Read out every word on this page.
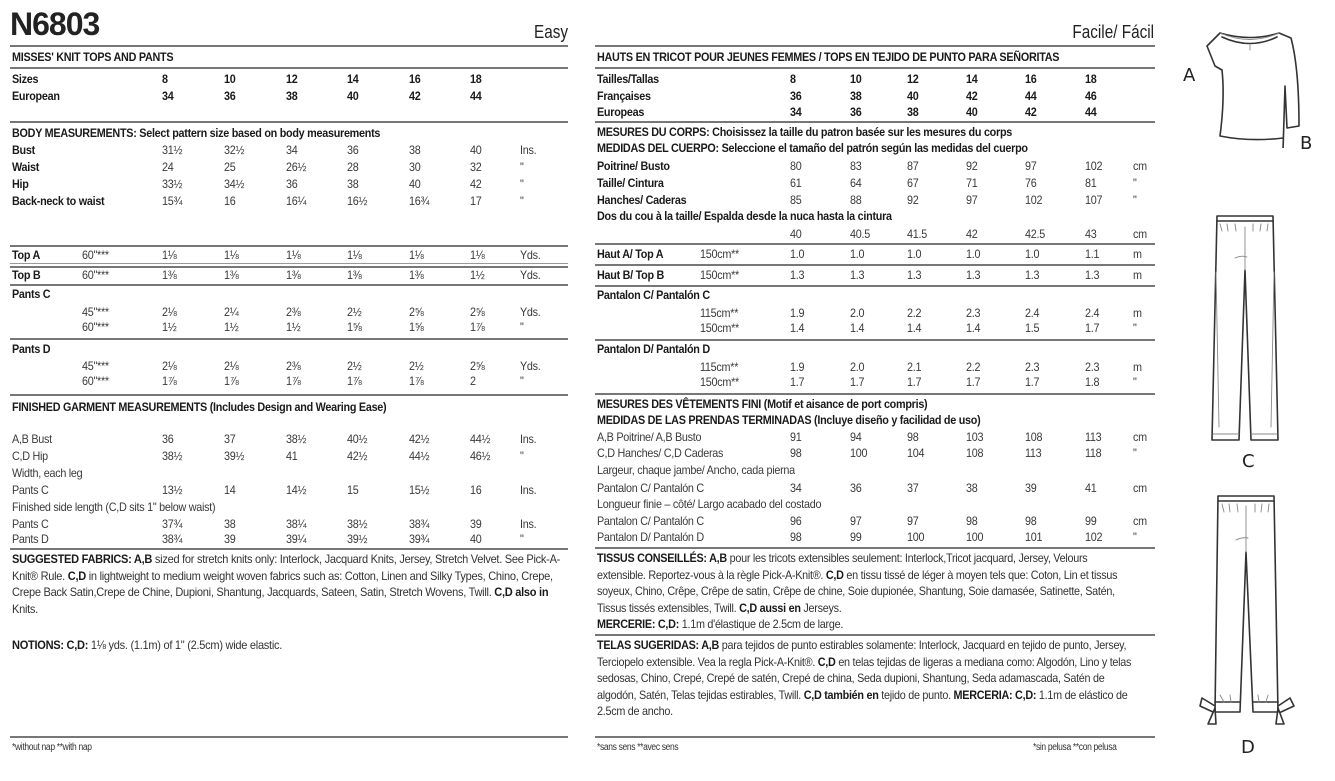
N6803	Easy	Facile/ Fácil
MISSES' KNIT TOPS AND PANTS
Sizes	8	10	12	14	16	18
European	34	36	38	40	42	44
BODY MEASUREMENTS: Select pattern size based on body measurements
FINISHED GARMENT MEASUREMENTS (Includes Design and Wearing Ease)
Bust	31½	32½	34	36	38	40	Ins.
Waist	24	25	26½	28	30	32	"
Hip	33½	34½	36	38	40	42	"
Back-neck to waist	15¾	16	16¼	16½	16¾	17	"
Top A	60"***	1⅛	1⅛	1⅛	1⅛	1⅛	1⅛	Yds.
Top B	60"***	1⅜	1⅜	1⅜	1⅜	1⅜	1½	Yds.
Pants C
45"***	2⅛	2¼	2⅜	2½	2⅝	2⅝	Yds.
60"***	1½	1½	1½	1⅝	1⅝	1⅞	"
Pants D
45"***	2⅛	2⅛	2⅜	2½	2½	2⅝	Yds.
60"***	1⅞	1⅞	1⅞	1⅞	1⅞	2	"
A,B Bust	36	37	38½	40½	42½	44½ Ins.
C,D Hip	38½	39½	41	42½	44½	46½ "
Width, each leg
Pants C	13½	14	14½	15	15½	16	Ins.
Finished side length (C,D sits 1" below waist)
Pants C	37¾	38	38¼	38½	38¾	39	Ins.
Pants D	38¾	39	39¼	39½	39¾	40	"
SUGGESTED FABRICS: A,B sized for stretch knits only: Interlock, Jacquard Knits, Jersey, Stretch Velvet. See Pick-A-Knit® Rule. C,D in lightweight to medium weight woven fabrics such as: Cotton, Linen and Silky Types, Chino, Crepe, Crepe Back Satin,Crepe de Chine, Dupioni, Shantung, Jacquards, Sateen, Satin, Stretch Wovens, Twill. C,D also in Knits.
NOTIONS: C,D: 1⅛ yds. (1.1m) of 1" (2.5cm) wide elastic.
*without nap **with nap
HAUTS EN TRICOT POUR JEUNES FEMMES / TOPS EN TEJIDO DE PUNTO PARA SEÑORITAS
MESURES DU CORPS: Choisissez la taille du patron basée sur les mesures du corps
MEDIDAS DEL CUERPO: Seleccione el tamaño del patrón según las medidas del cuerpo
Dos du cou à la taille/ Espalda desde la nuca hasta la cintura
MESURES DES VÊTEMENTS FINI (Motif et aisance de port compris)
MEDIDAS DE LAS PRENDAS TERMINADAS (Incluye diseño y facilidad de uso)
Tailles/Tallas	8	10	12	14	16	18
Françaises	36	38	40	42	44	46
Europeas	34	36	38	40	42	44
Poitrine/ Busto	80	83	87	92	97	102	cm
Taille/ Cintura	61	64	67	71	76	81	"
Hanches/ Caderas	85	88	92	97	102	107	"
40	40.5	41.5	42	42.5	43	cm
Haut A/ Top A	150cm**	1.0	1.0	1.0	1.0	1.0	1.1	m
Haut B/ Top B	150cm**	1.3	1.3	1.3	1.3	1.3	1.3	m
Pantalon C/ Pantalón C
115cm**	1.9	2.0	2.2	2.3	2.4	2.4	m
150cm**	1.4	1.4	1.4	1.4	1.5	1.7	"
Pantalon D/ Pantalón D
115cm**	1.9	2.0	2.1	2.2	2.3	2.3	m
150cm**	1.7	1.7	1.7	1.7	1.7	1.8	"
A,B Poitrine/ A,B Busto	91	94	98	103	108	113	cm
C,D Hanches/ C,D Caderas	98	100	104	108	113	118	"
Largeur, chaque jambe/ Ancho, cada pierna
Pantalon C/ Pantalón C	34	36	37	38	39	41	cm
Longueur finie – côté/ Largo acabado del costado
Pantalon C/ Pantalón C	96	97	97	98	98	99	cm
Pantalon D/ Pantalón D	98	99	100	100	101	102	"
TISSUS CONSEILLÉS: A,B pour les tricots extensibles seulement: Interlock,Tricot jacquard, Jersey, Velours extensible. Reportez-vous à la règle Pick-A-Knit®. C,D en tissu tissé de léger à moyen tels que: Coton, Lin et tissus soyeux, Chino, Crêpe, Crêpe de satin, Crêpe de chine, Soie dupionée, Shantung, Soie damasée, Satinette, Satén, Tissus tissés extensibles, Twill. C,D aussi en Jerseys.
MERCERIE: C,D: 1.1m d'élastique de 2.5cm de large.
TELAS SUGERIDAS: A,B para tejidos de punto estirables solamente: Interlock, Jacquard en tejido de punto, Jersey, Terciopelo extensible. Vea la regla Pick-A-Knit®. C,D en telas tejidas de ligeras a mediana como: Algodón, Lino y telas sedosas, Chino, Crepé, Crepé de satén, Crepé de china, Seda dupioni, Shantung, Seda adamascada, Satén de algodón, Satén, Telas tejidas estirables, Twill. C,D también en tejido de punto. MERCERIA: C,D: 1.1m de elástico de 2.5cm de ancho.
*sans sens **avec sens	*sin pelusa **con pelusa
A
B
C
D
